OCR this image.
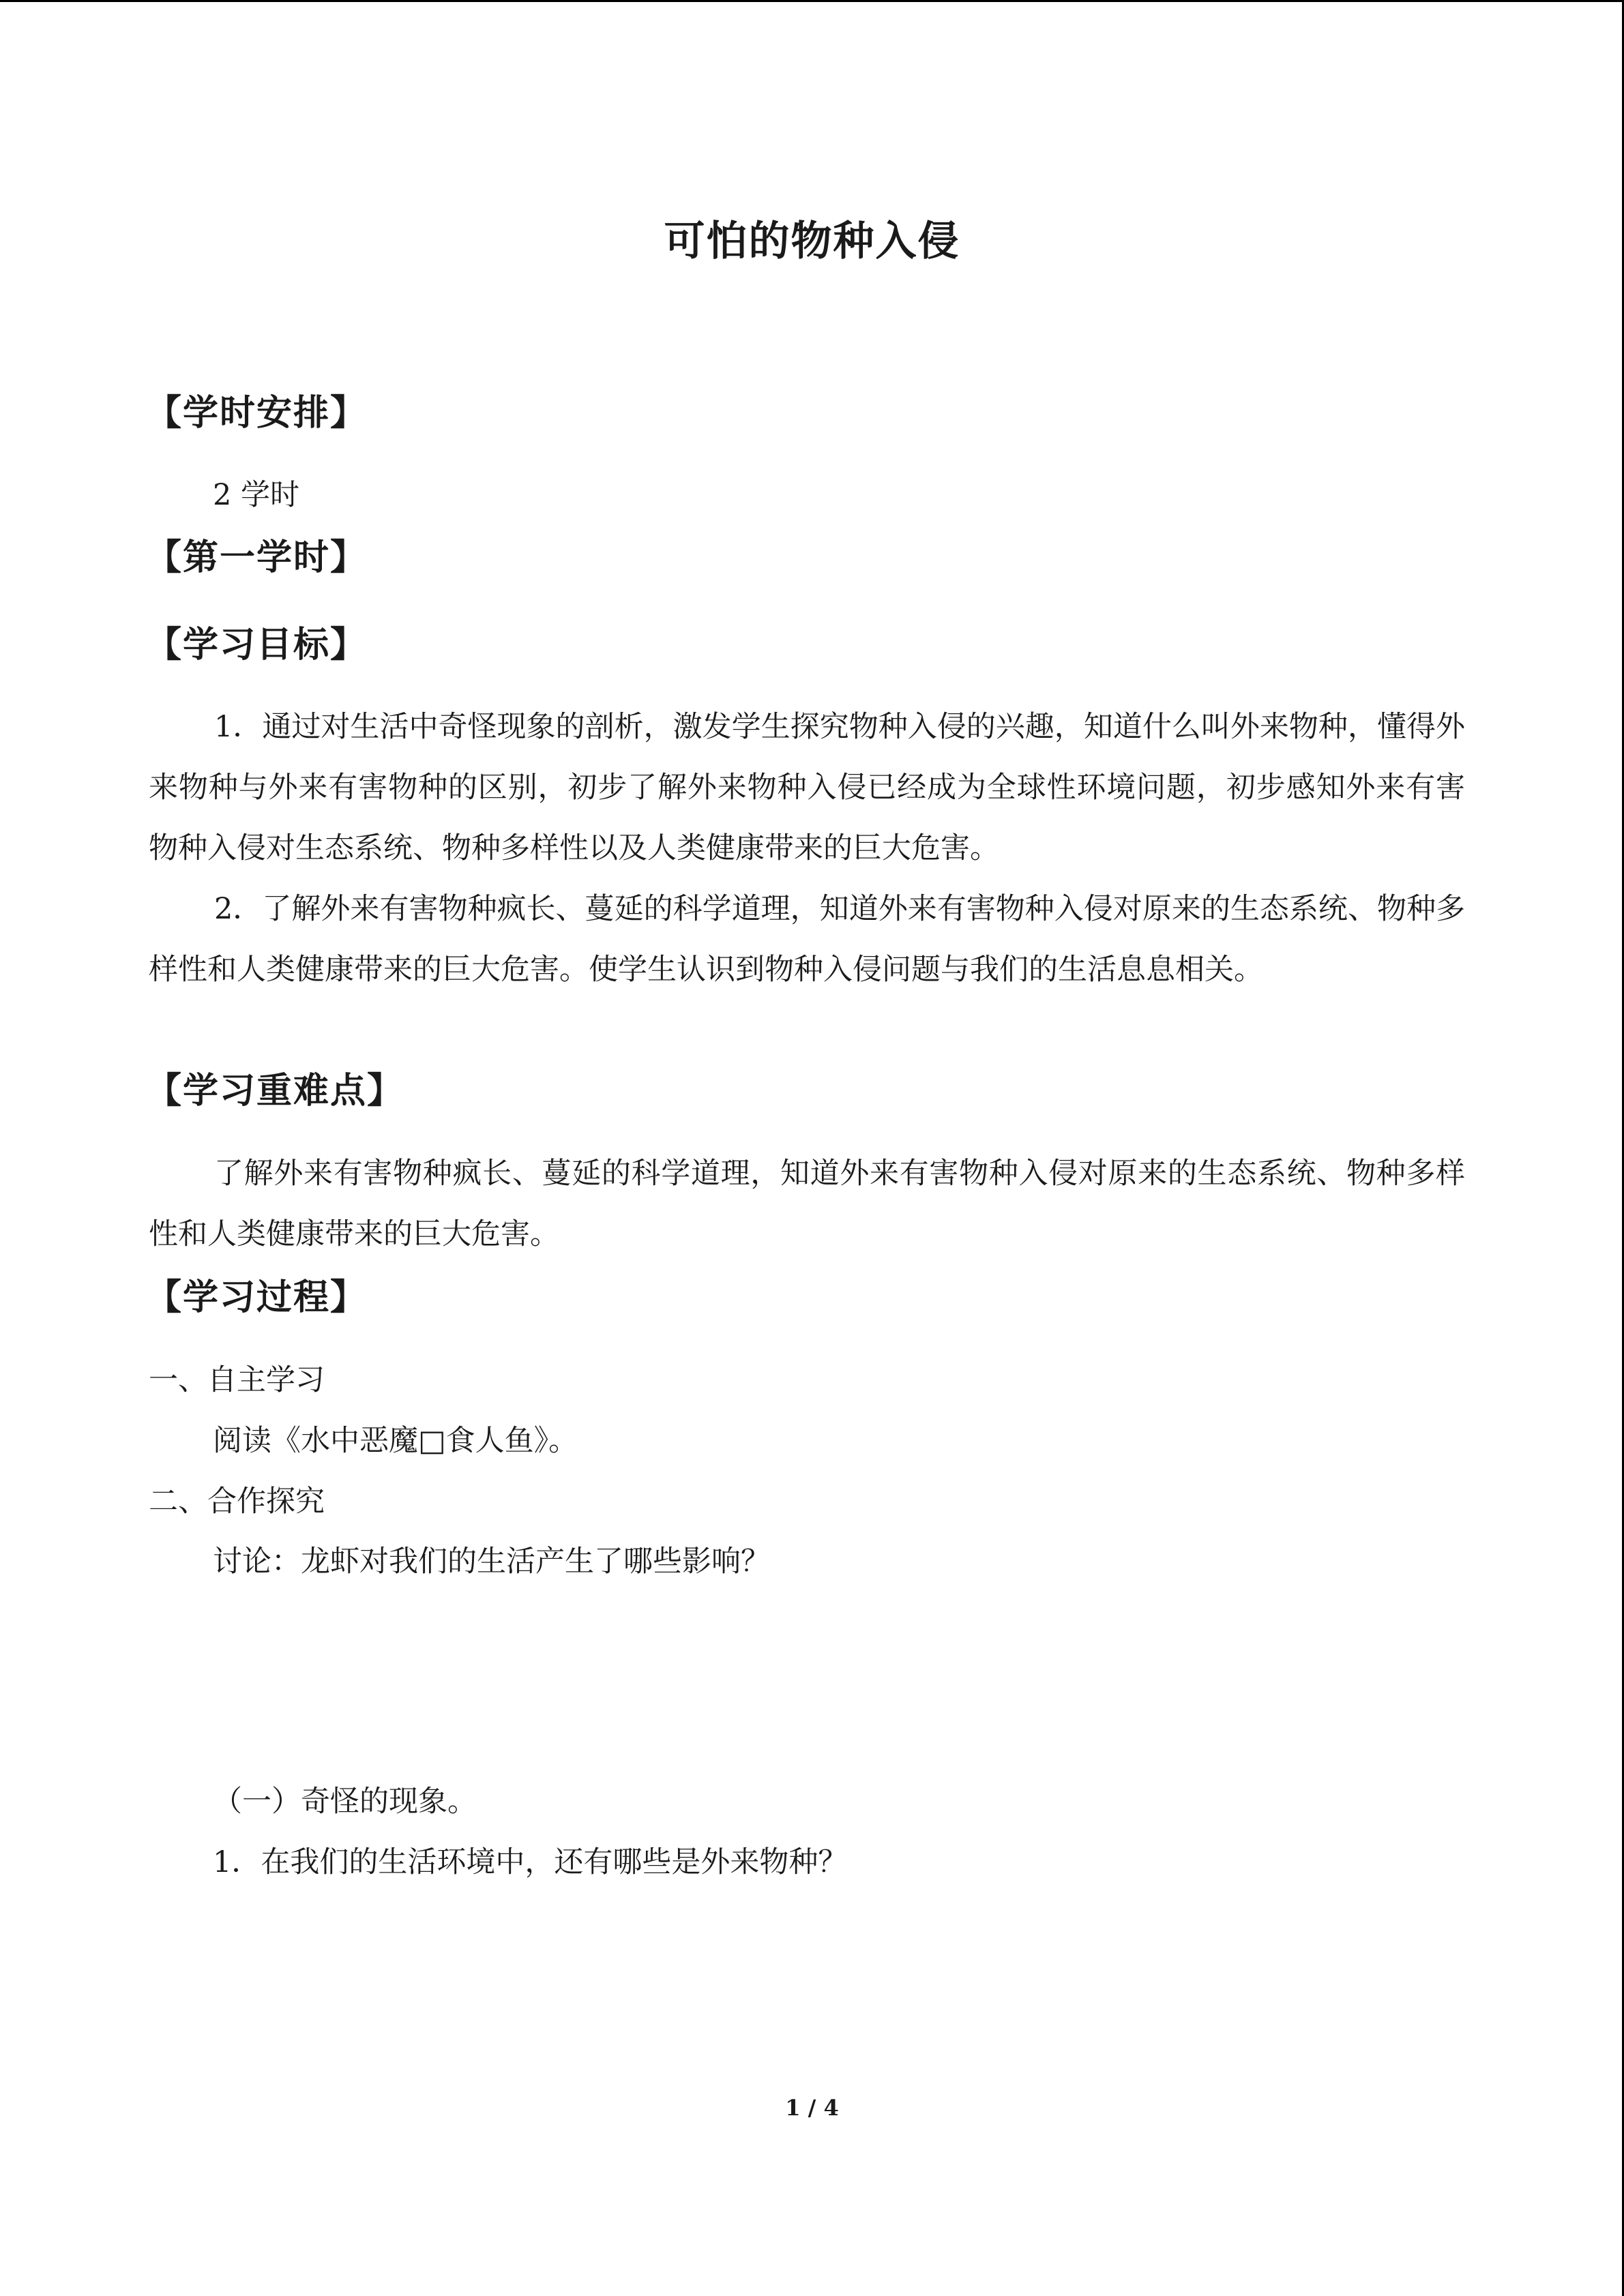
可怕的物种入侵
【学时安排】

2 学时

【第一学时】
【学习目标】

1．通过对生活中奇怪现象的剖析，激发学生探究物种入侵的兴趣，知道什么叫外来物种，懂得外来物种与外来有害物种的区别，初步了解外来物种入侵已经成为全球性环境问题，初步感知外来有害物种入侵对生态系统、物种多样性以及人类健康带来的巨大危害。

2．了解外来有害物种疯长、蔓延的科学道理，知道外来有害物种入侵对原来的生态系统、物种多样性和人类健康带来的巨大危害。使学生认识到物种入侵问题与我们的生活息息相关。

【学习重难点】

了解外来有害物种疯长、蔓延的科学道理，知道外来有害物种入侵对原来的生态系统、物种多样性和人类健康带来的巨大危害。

【学习过程】

一、自主学习

阅读《水中恶魔□食人鱼》。

二、合作探究

讨论：龙虾对我们的生活产生了哪些影响？

（一）奇怪的现象。

1．在我们的生活环境中，还有哪些是外来物种？

1 / 4
